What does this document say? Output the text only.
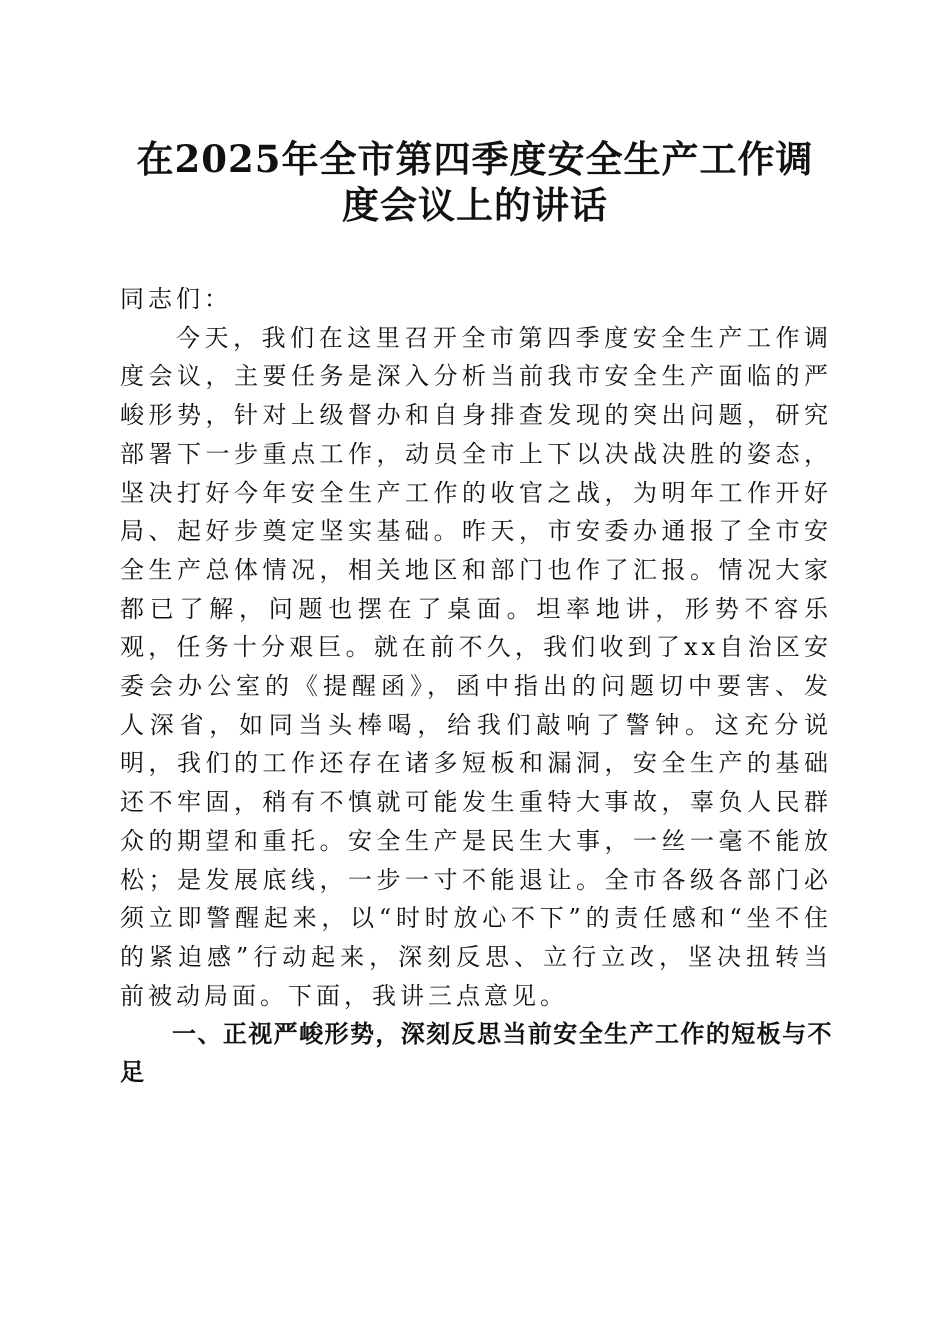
在2025年全市第四季度安全生产工作调度会议上的讲话

同志们：

今天，我们在这里召开全市第四季度安全生产工作调度会议，主要任务是深入分析当前我市安全生产面临的严峻形势，针对上级督办和自身排查发现的突出问题，研究部署下一步重点工作，动员全市上下以决战决胜的姿态，坚决打好今年安全生产工作的收官之战，为明年工作开好局、起好步奠定坚实基础。昨天，市安委办通报了全市安全生产总体情况，相关地区和部门也作了汇报。情况大家都已了解，问题也摆在了桌面。坦率地讲，形势不容乐观，任务十分艰巨。就在前不久，我们收到了xx自治区安委会办公室的《提醒函》，函中指出的问题切中要害、发人深省，如同当头棒喝，给我们敲响了警钟。这充分说明，我们的工作还存在诸多短板和漏洞，安全生产的基础还不牢固，稍有不慎就可能发生重特大事故，辜负人民群众的期望和重托。安全生产是民生大事，一丝一毫不能放松；是发展底线，一步一寸不能退让。全市各级各部门必须立即警醒起来，以“时时放心不下”的责任感和“坐不住的紧迫感”行动起来，深刻反思、立行立改，坚决扭转当前被动局面。下面，我讲三点意见。

一、正视严峻形势，深刻反思当前安全生产工作的短板与不足
